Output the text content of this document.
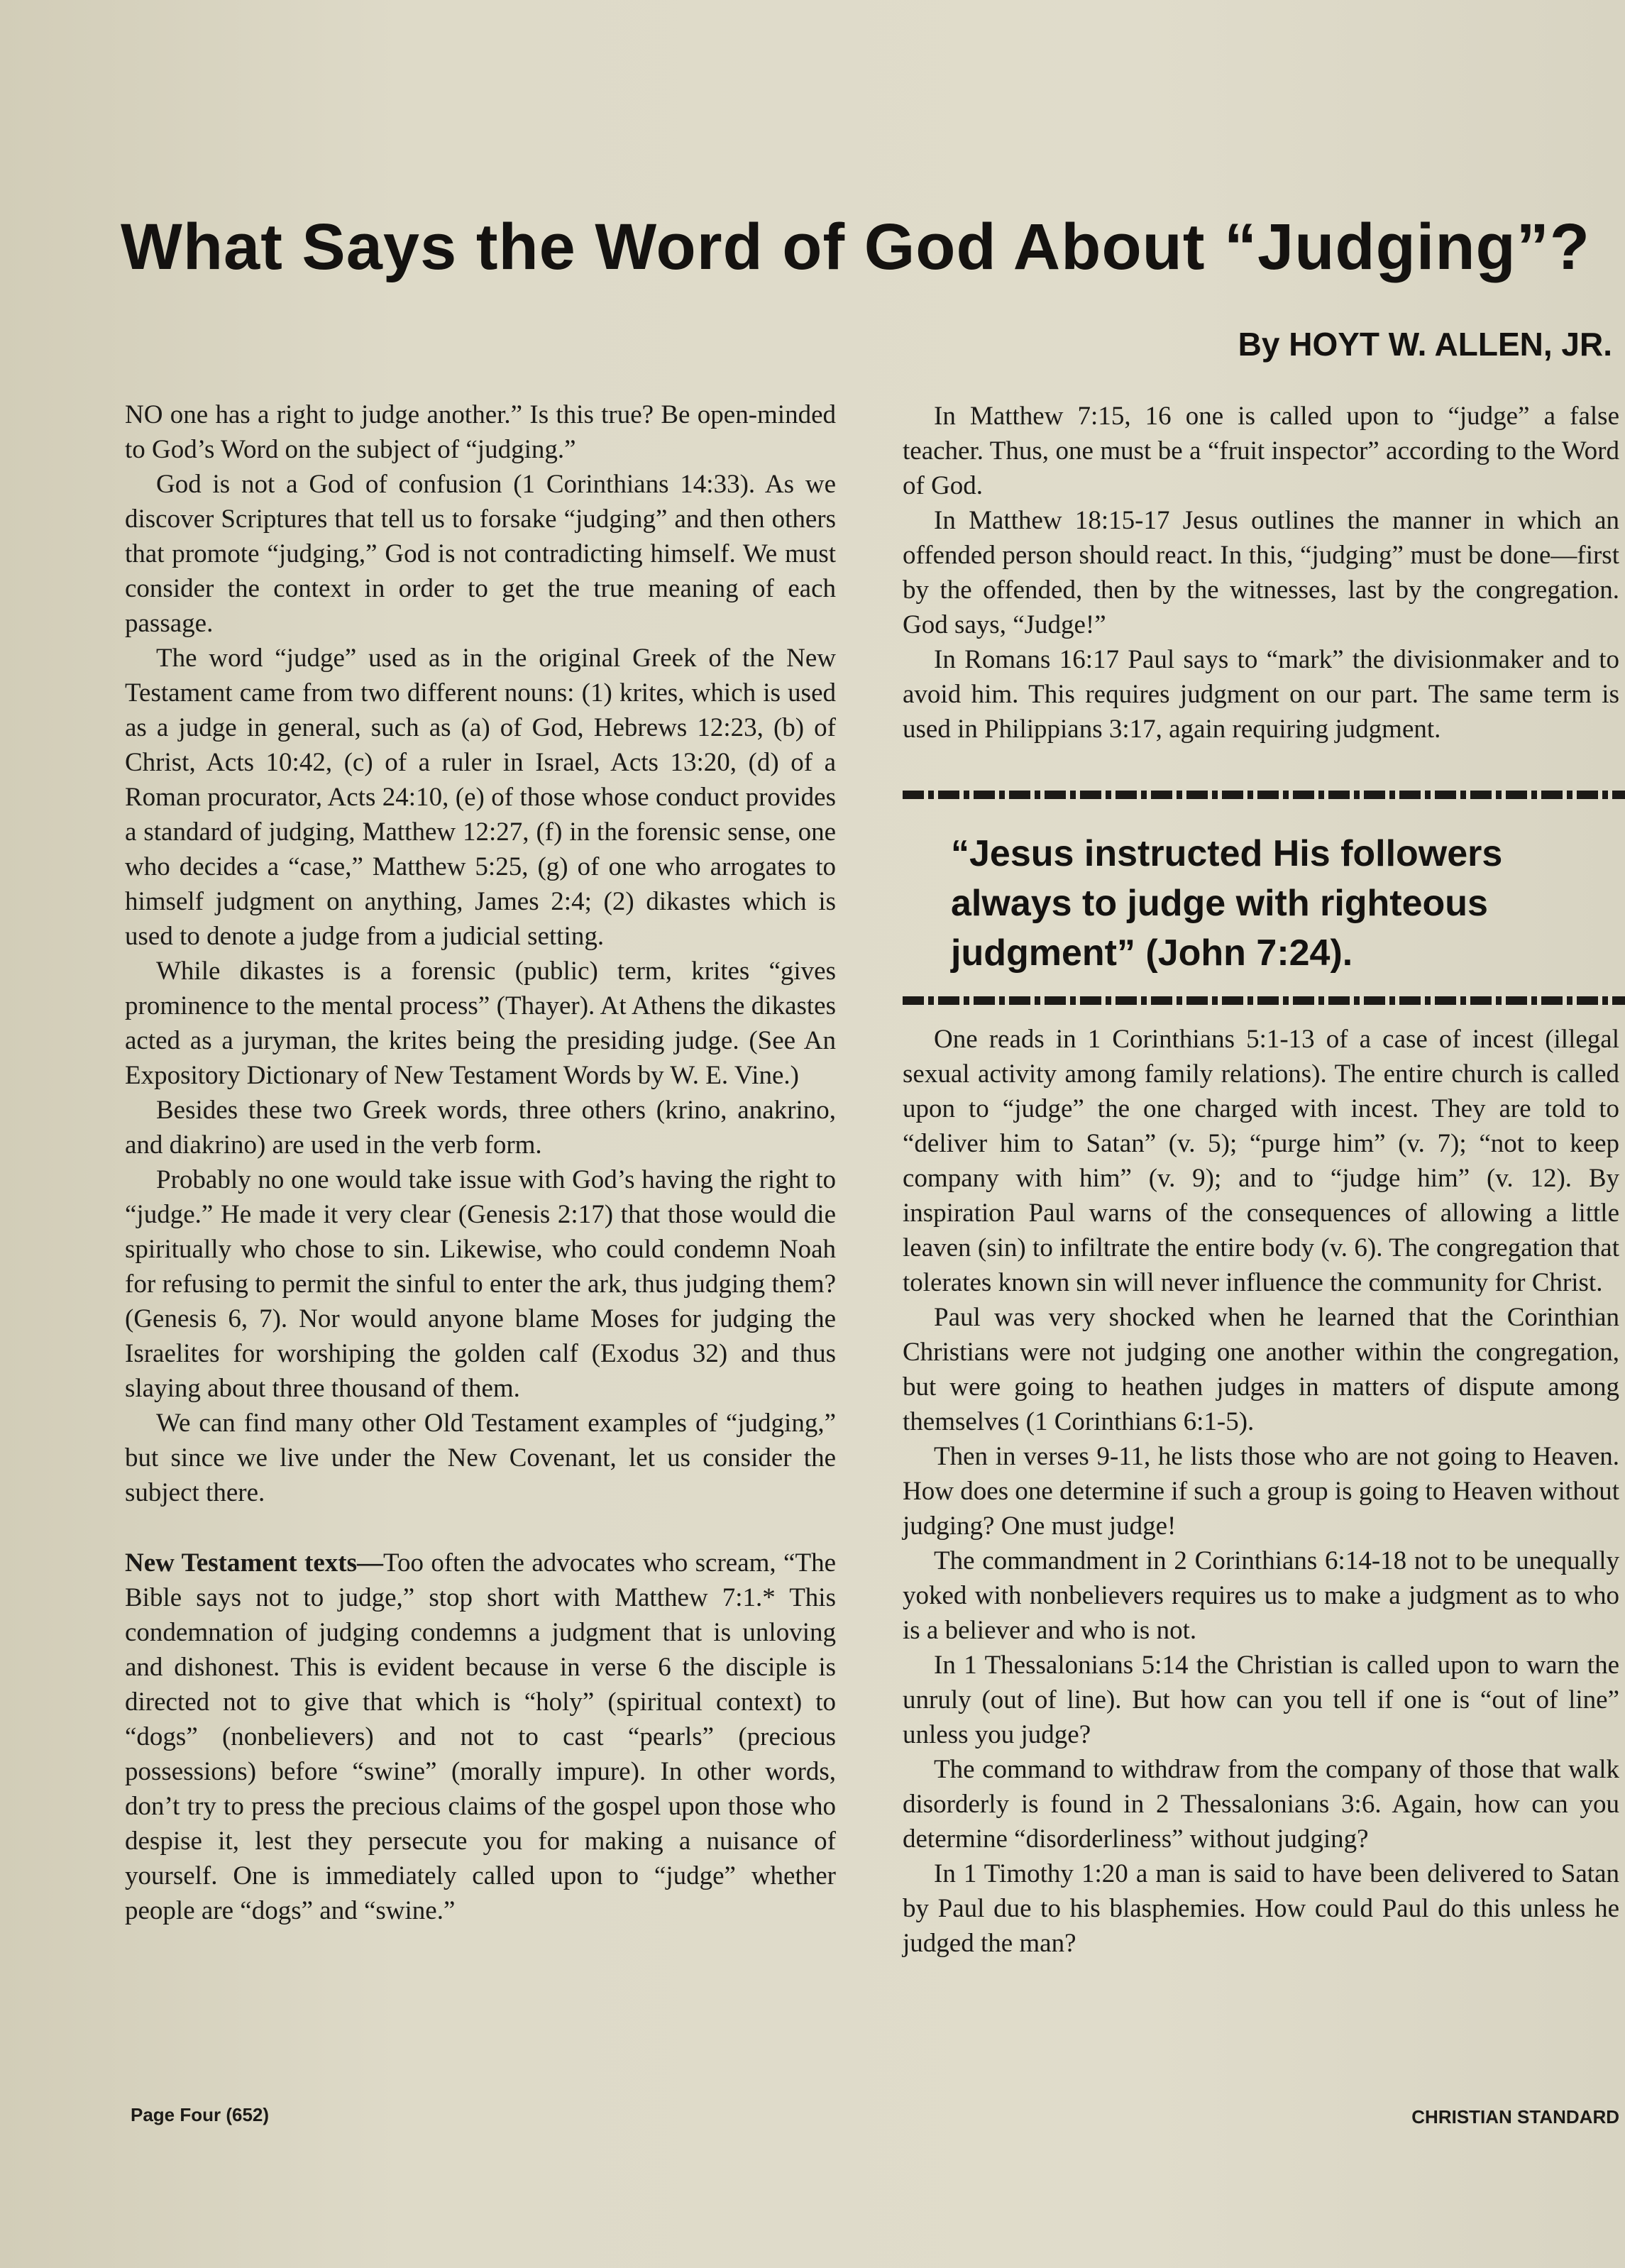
What Says the Word of God About “Judging”?
By HOYT W. ALLEN, JR.

NO one has a right to judge another.” Is this true? Be open-minded to God’s Word on the subject of “judging.”

God is not a God of confusion (1 Corinthians 14:33). As we discover Scriptures that tell us to forsake “judging” and then others that promote “judging,” God is not contradicting himself. We must consider the context in order to get the true meaning of each passage.

The word “judge” used as in the original Greek of the New Testament came from two different nouns: (1) krites, which is used as a judge in general, such as (a) of God, Hebrews 12:23, (b) of Christ, Acts 10:42, (c) of a ruler in Israel, Acts 13:20, (d) of a Roman procurator, Acts 24:10, (e) of those whose conduct provides a standard of judging, Matthew 12:27, (f) in the forensic sense, one who decides a “case,” Matthew 5:25, (g) of one who arrogates to himself judgment on anything, James 2:4; (2) dikastes which is used to denote a judge from a judicial setting.

While dikastes is a forensic (public) term, krites “gives prominence to the mental process” (Thayer). At Athens the dikastes acted as a juryman, the krites being the presiding judge. (See An Expository Dictionary of New Testament Words by W. E. Vine.)

Besides these two Greek words, three others (krino, anakrino, and diakrino) are used in the verb form.

Probably no one would take issue with God’s having the right to “judge.” He made it very clear (Genesis 2:17) that those would die spiritually who chose to sin. Likewise, who could condemn Noah for refusing to permit the sinful to enter the ark, thus judging them? (Genesis 6, 7). Nor would anyone blame Moses for judging the Israelites for worshiping the golden calf (Exodus 32) and thus slaying about three thousand of them.

We can find many other Old Testament examples of “judging,” but since we live under the New Covenant, let us consider the subject there.

New Testament texts—Too often the advocates who scream, “The Bible says not to judge,” stop short with Matthew 7:1.* This condemnation of judging condemns a judgment that is unloving and dishonest. This is evident because in verse 6 the disciple is directed not to give that which is “holy” (spiritual context) to “dogs” (nonbelievers) and not to cast “pearls” (precious possessions) before “swine” (morally impure). In other words, don’t try to press the precious claims of the gospel upon those who despise it, lest they persecute you for making a nuisance of yourself. One is immediately called upon to “judge” whether people are “dogs” and “swine.”

In Matthew 7:15, 16 one is called upon to “judge” a false teacher. Thus, one must be a “fruit inspector” according to the Word of God.

In Matthew 18:15-17 Jesus outlines the manner in which an offended person should react. In this, “judging” must be done—first by the offended, then by the witnesses, last by the congregation. God says, “Judge!”

In Romans 16:17 Paul says to “mark” the divisionmaker and to avoid him. This requires judgment on our part. The same term is used in Philippians 3:17, again requiring judgment.

“Jesus instructed His followers always to judge with righteous judgment” (John 7:24).

One reads in 1 Corinthians 5:1-13 of a case of incest (illegal sexual activity among family relations). The entire church is called upon to “judge” the one charged with incest. They are told to “deliver him to Satan” (v. 5); “purge him” (v. 7); “not to keep company with him” (v. 9); and to “judge him” (v. 12). By inspiration Paul warns of the consequences of allowing a little leaven (sin) to infiltrate the entire body (v. 6). The congregation that tolerates known sin will never influence the community for Christ.

Paul was very shocked when he learned that the Corinthian Christians were not judging one another within the congregation, but were going to heathen judges in matters of dispute among themselves (1 Corinthians 6:1-5).

Then in verses 9-11, he lists those who are not going to Heaven. How does one determine if such a group is going to Heaven without judging? One must judge!

The commandment in 2 Corinthians 6:14-18 not to be unequally yoked with nonbelievers requires us to make a judgment as to who is a believer and who is not.

In 1 Thessalonians 5:14 the Christian is called upon to warn the unruly (out of line). But how can you tell if one is “out of line” unless you judge?

The command to withdraw from the company of those that walk disorderly is found in 2 Thessalonians 3:6. Again, how can you determine “disorderliness” without judging?

In 1 Timothy 1:20 a man is said to have been delivered to Satan by Paul due to his blasphemies. How could Paul do this unless he judged the man?

Page Four (652)	CHRISTIAN STANDARD
